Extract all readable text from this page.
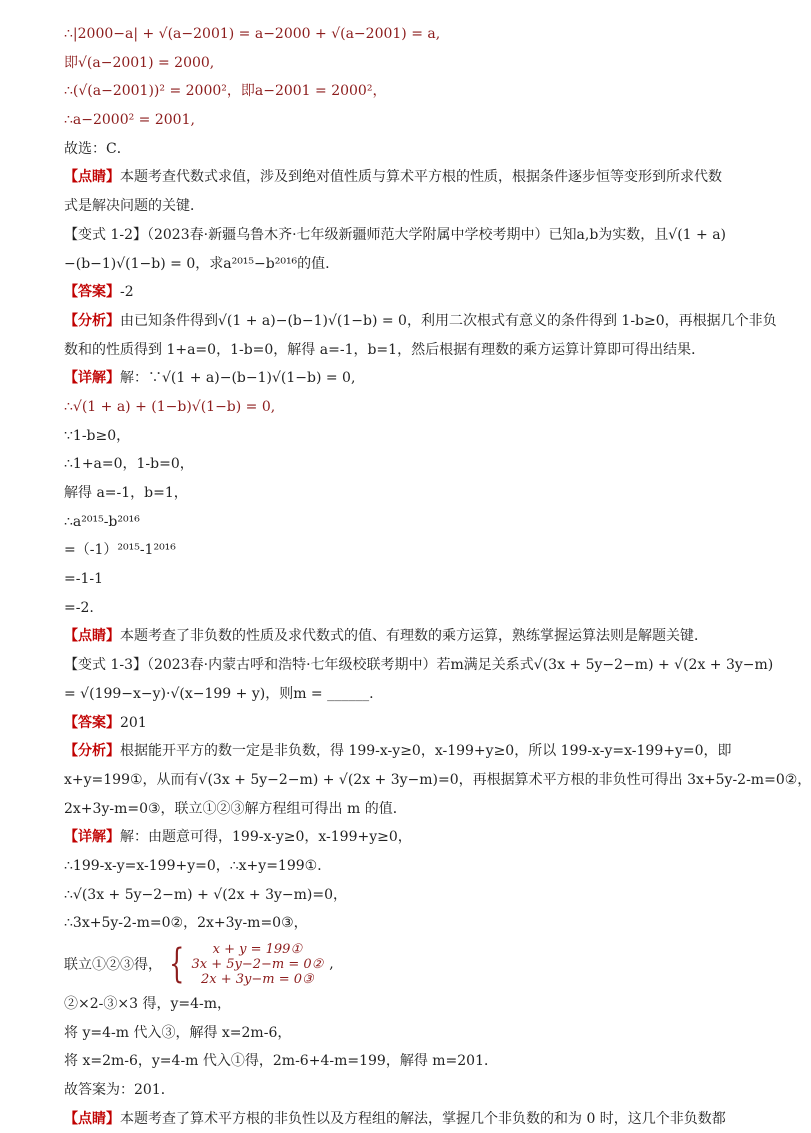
∴|2000−a| + √(a−2001) = a−2000 + √(a−2001) = a,
即√(a−2001) = 2000,
∴(√(a−2001))² = 2000²，即a−2001 = 2000²，
∴a−2000² = 2001,
故选：C．
【点睛】本题考查代数式求值，涉及到绝对值性质与算术平方根的性质，根据条件逐步恒等变形到所求代数
式是解决问题的关键．
【变式 1-2】（2023春·新疆乌鲁木齐·七年级新疆师范大学附属中学校考期中）已知a,b为实数，且√(1 + a)
−(b−1)√(1−b) = 0，求a²⁰¹⁵−b²⁰¹⁶的值.
【答案】-2
【分析】由已知条件得到√(1 + a)−(b−1)√(1−b) = 0，利用二次根式有意义的条件得到 1-b≥0，再根据几个非负
数和的性质得到 1+a=0，1-b=0，解得 a=-1，b=1，然后根据有理数的乘方运算计算即可得出结果．
【详解】解：∵√(1 + a)−(b−1)√(1−b) = 0,
∴√(1 + a) + (1−b)√(1−b) = 0,
∵1-b≥0，
∴1+a=0，1-b=0，
解得 a=-1，b=1，
∴a²⁰¹⁵-b²⁰¹⁶
=（-1）²⁰¹⁵-1²⁰¹⁶
=-1-1
=-2.
【点睛】本题考查了非负数的性质及求代数式的值、有理数的乘方运算，熟练掌握运算法则是解题关键．
【变式 1-3】（2023春·内蒙古呼和浩特·七年级校联考期中）若m满足关系式√(3x + 5y−2−m) + √(2x + 3y−m)
= √(199−x−y)·√(x−199 + y)，则m = ______.
【答案】201
【分析】根据能开平方的数一定是非负数，得 199-x-y≥0，x-199+y≥0，所以 199-x-y=x-199+y=0，即
x+y=199①，从而有√(3x + 5y−2−m) + √(2x + 3y−m)=0，再根据算术平方根的非负性可得出 3x+5y-2-m=0②，
2x+3y-m=0③，联立①②③解方程组可得出 m 的值．
【详解】解：由题意可得，199-x-y≥0，x-199+y≥0，
∴199-x-y=x-199+y=0，∴x+y=199①．
∴√(3x + 5y−2−m) + √(2x + 3y−m)=0，
∴3x+5y-2-m=0②，2x+3y-m=0③，
联立①②③得， { x + y = 199①
3x + 5y−2−m = 0②
2x + 3y−m = 0③
,
②×2-③×3 得，y=4-m，
将 y=4-m 代入③，解得 x=2m-6，
将 x=2m-6，y=4-m 代入①得，2m-6+4-m=199，解得 m=201．
故答案为：201．
【点睛】本题考查了算术平方根的非负性以及方程组的解法，掌握几个非负数的和为 0 时，这几个非负数都
